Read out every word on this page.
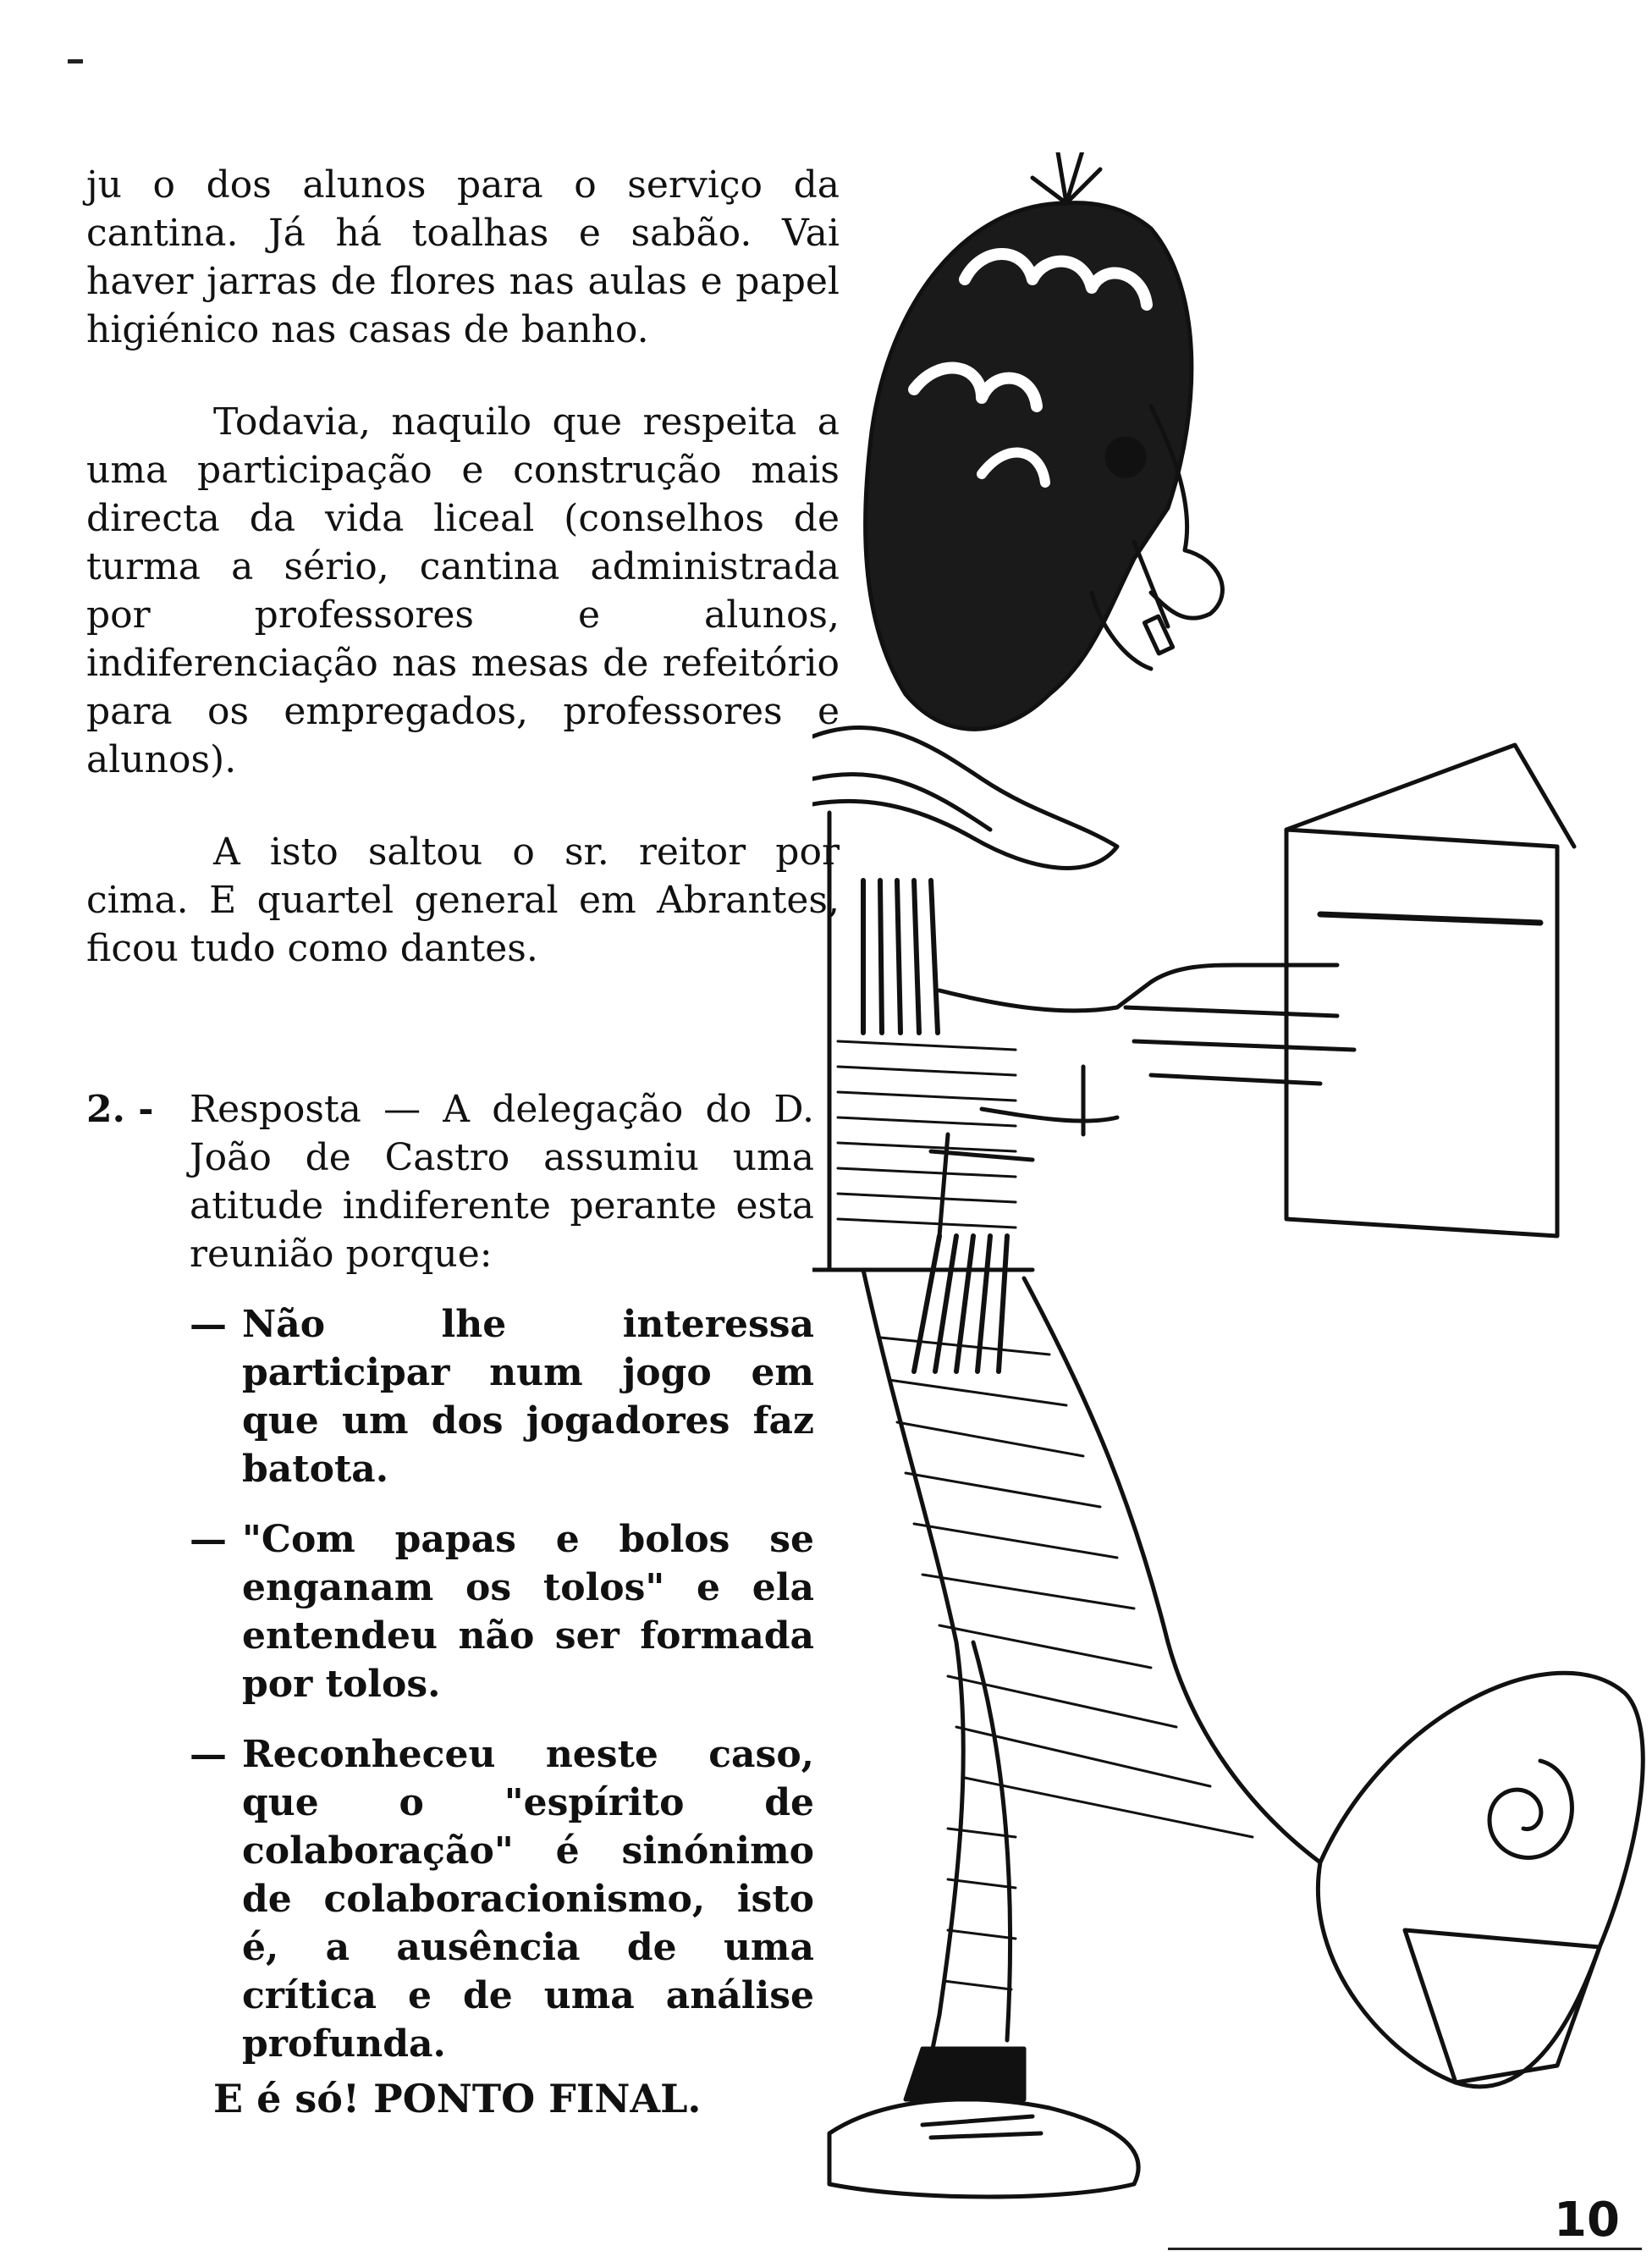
ju o dos alunos para o serviço da cantina. Já há toalhas e sabão. Vai haver jarras de flores nas aulas e papel higiénico nas casas de banho.

Todavia, naquilo que respeita a uma participação e construção mais directa da vida liceal (conselhos de turma a sério, cantina administrada por professores e alunos, indiferenciação nas mesas de refeitório para os empregados, professores e alunos).

A isto saltou o sr. reitor por cima. E quartel general em Abrantes, ficou tudo como dantes.

2. - Resposta — A delegação do D. João de Castro assumiu uma atitude indiferente perante esta reunião porque:
— Não lhe interessa participar num jogo em que um dos jogadores faz batota.
— "Com papas e bolos se enganam os tolos" e ela entendeu não ser formada por tolos.
— Reconheceu neste caso, que o "espírito de colaboração" é sinónimo de colaboracionismo, isto é, a ausência de uma crítica e de uma análise profunda.
E é só! PONTO FINAL.
10
